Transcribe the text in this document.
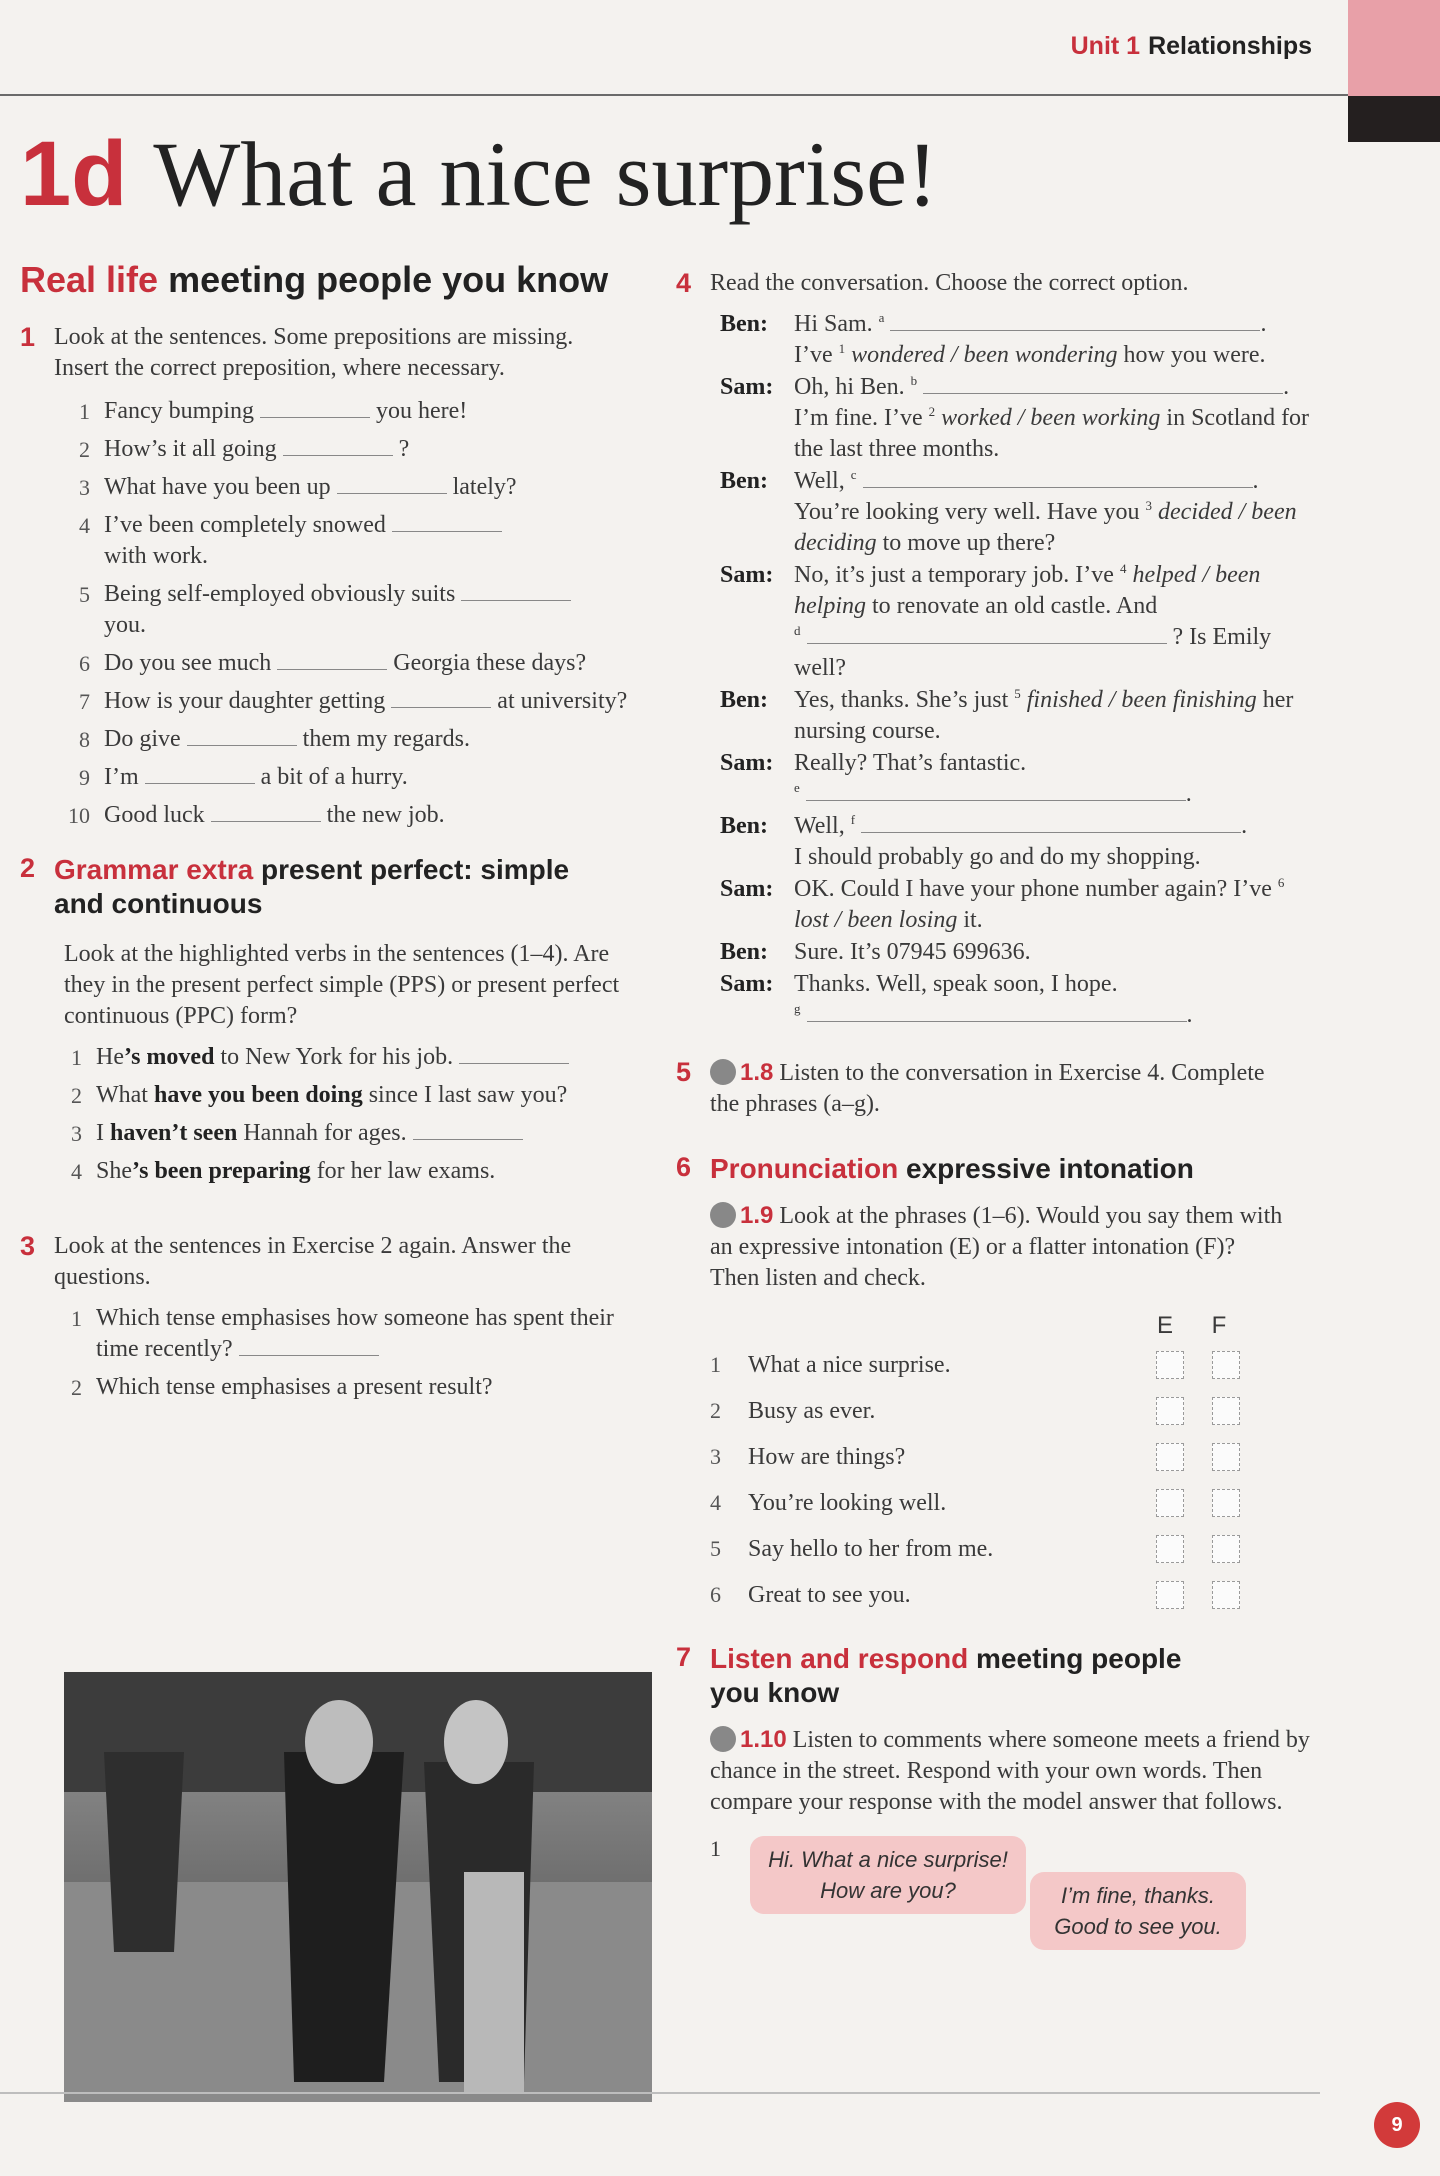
Unit 1 Relationships
1d What a nice surprise!
Real life meeting people you know
1 Look at the sentences. Some prepositions are missing. Insert the correct preposition, where necessary.
1 Fancy bumping	you here!
2 How’s it all going	?
3 What have you been up	lately?
4 I’ve been completely snowed
with work.
5 Being self-employed obviously suits
you.
6 Do you see much	Georgia these days?
7 How is your daughter getting	at university?
8 Do give	them my regards.
9 I’m	a bit of a hurry.
10 Good luck	the new job.
2 Grammar extra present perfect: simple and continuous
Look at the highlighted verbs in the sentences (1–4). Are they in the present perfect simple (PPS) or present perfect continuous (PPC) form?
1 He’s moved to New York for his job.
2 What have you been doing since I last saw you?
3 I haven’t seen Hannah for ages.
4 She’s been preparing for her law exams.
3 Look at the sentences in Exercise 2 again. Answer the questions.
1 Which tense emphasises how someone has spent their time recently?
2 Which tense emphasises a present result?
4 Read the conversation. Choose the correct option.
Ben:	Hi Sam. $^a$	.
I’ve $^1$ wondered / been wondering how you were.
Sam: Oh, hi Ben. $^b$	.
I’m fine. I’ve $^2$ worked / been working in Scotland for the last three months.
Ben:	Well, $^c$	.
You’re looking very well. Have you $^3$ decided / been deciding to move up there?
Sam: No, it’s just a temporary job. I’ve $^4$ helped / been helping to renovate an old castle. And
$^d$	? Is Emily well?
Ben:	Yes, thanks. She’s just $^5$ finished / been finishing her nursing course.
Sam: Really? That’s fantastic.
$^e$	.
Ben:	Well, $^f$	.
I should probably go and do my shopping.
Sam: OK. Could I have your phone number again? I’ve $^6$ lost / been losing it.
Ben:	Sure. It’s 07945 699636.
Sam: Thanks. Well, speak soon, I hope.
$^g$	.
5	1.8 Listen to the conversation in Exercise 4. Complete the phrases (a–g).
6 Pronunciation expressive intonation
1.9 Look at the phrases (1–6). Would you say them with an expressive intonation (E) or a flatter intonation (F)? Then listen and check.
E	F
1	What a nice surprise.
2	Busy as ever.
3	How are things?
4	You’re looking well.
5	Say hello to her from me.
6	Great to see you.
7 Listen and respond meeting people you know
1.10 Listen to comments where someone meets a friend by chance in the street. Respond with your own words. Then compare your response with the model answer that follows.
1	Hi. What a nice surprise! How are you?	I’m fine, thanks. Good to see you.
9
